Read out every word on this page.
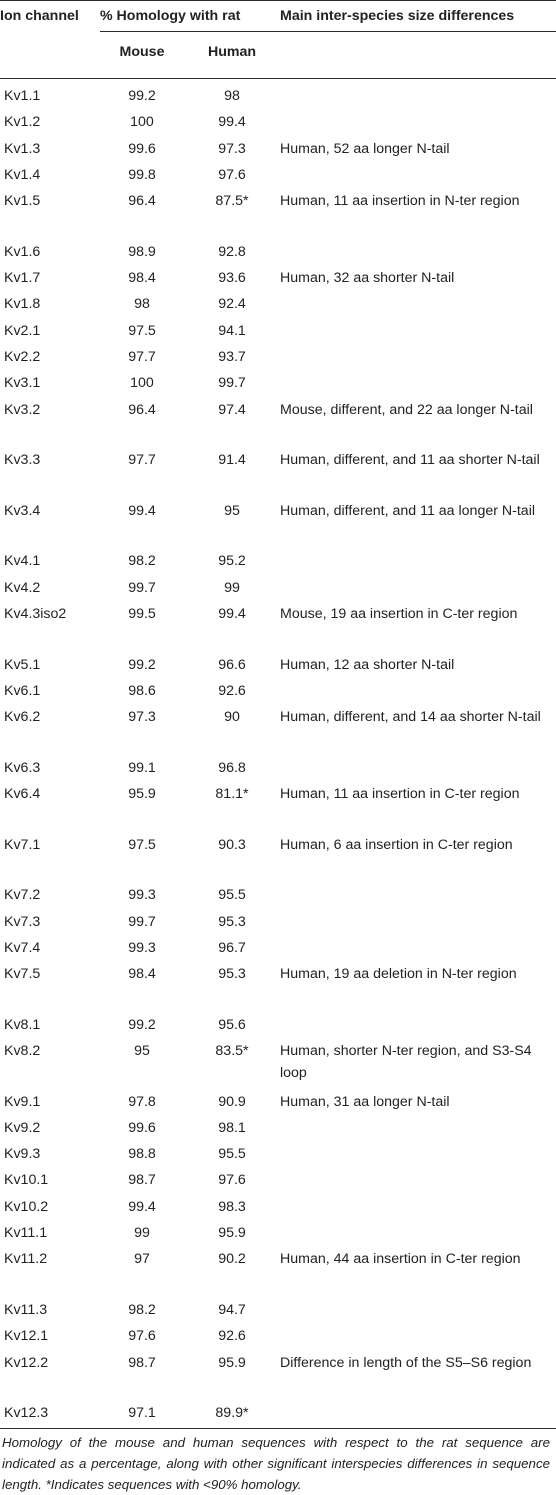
Ion channel	% Homology with rat		Main inter-species size differences

	Mouse	Human	

Kv1.1	99.2	98	
Kv1.2	100	99.4	
Kv1.3	99.6	97.3	Human, 52 aa longer N-tail
Kv1.4	99.8	97.6	
Kv1.5	96.4	87.5*	Human, 11 aa insertion in N-ter region
Kv1.6	98.9	92.8	
Kv1.7	98.4	93.6	Human, 32 aa shorter N-tail
Kv1.8	98	92.4	
Kv2.1	97.5	94.1	
Kv2.2	97.7	93.7	
Kv3.1	100	99.7	
Kv3.2	96.4	97.4	Mouse, different, and 22 aa longer N-tail
Kv3.3	97.7	91.4	Human, different, and 11 aa shorter N-tail
Kv3.4	99.4	95	Human, different, and 11 aa longer N-tail
Kv4.1	98.2	95.2	
Kv4.2	99.7	99	
Kv4.3iso2	99.5	99.4	Mouse, 19 aa insertion in C-ter region
Kv5.1	99.2	96.6	Human, 12 aa shorter N-tail
Kv6.1	98.6	92.6	
Kv6.2	97.3	90	Human, different, and 14 aa shorter N-tail
Kv6.3	99.1	96.8	
Kv6.4	95.9	81.1*	Human, 11 aa insertion in C-ter region
Kv7.1	97.5	90.3	Human, 6 aa insertion in C-ter region
Kv7.2	99.3	95.5	
Kv7.3	99.7	95.3	
Kv7.4	99.3	96.7	
Kv7.5	98.4	95.3	Human, 19 aa deletion in N-ter region
Kv8.1	99.2	95.6	
Kv8.2	95	83.5*	Human, shorter N-ter region, and S3-S4 loop
Kv9.1	97.8	90.9	Human, 31 aa longer N-tail
Kv9.2	99.6	98.1	
Kv9.3	98.8	95.5	
Kv10.1	98.7	97.6	
Kv10.2	99.4	98.3	
Kv11.1	99	95.9	
Kv11.2	97	90.2	Human, 44 aa insertion in C-ter region
Kv11.3	98.2	94.7	
Kv12.1	97.6	92.6	
Kv12.2	98.7	95.9	Difference in length of the S5–S6 region
Kv12.3	97.1	89.9*	

Homology of the mouse and human sequences with respect to the rat sequence are indicated as a percentage, along with other significant interspecies differences in sequence length. *Indicates sequences with <90% homology.
